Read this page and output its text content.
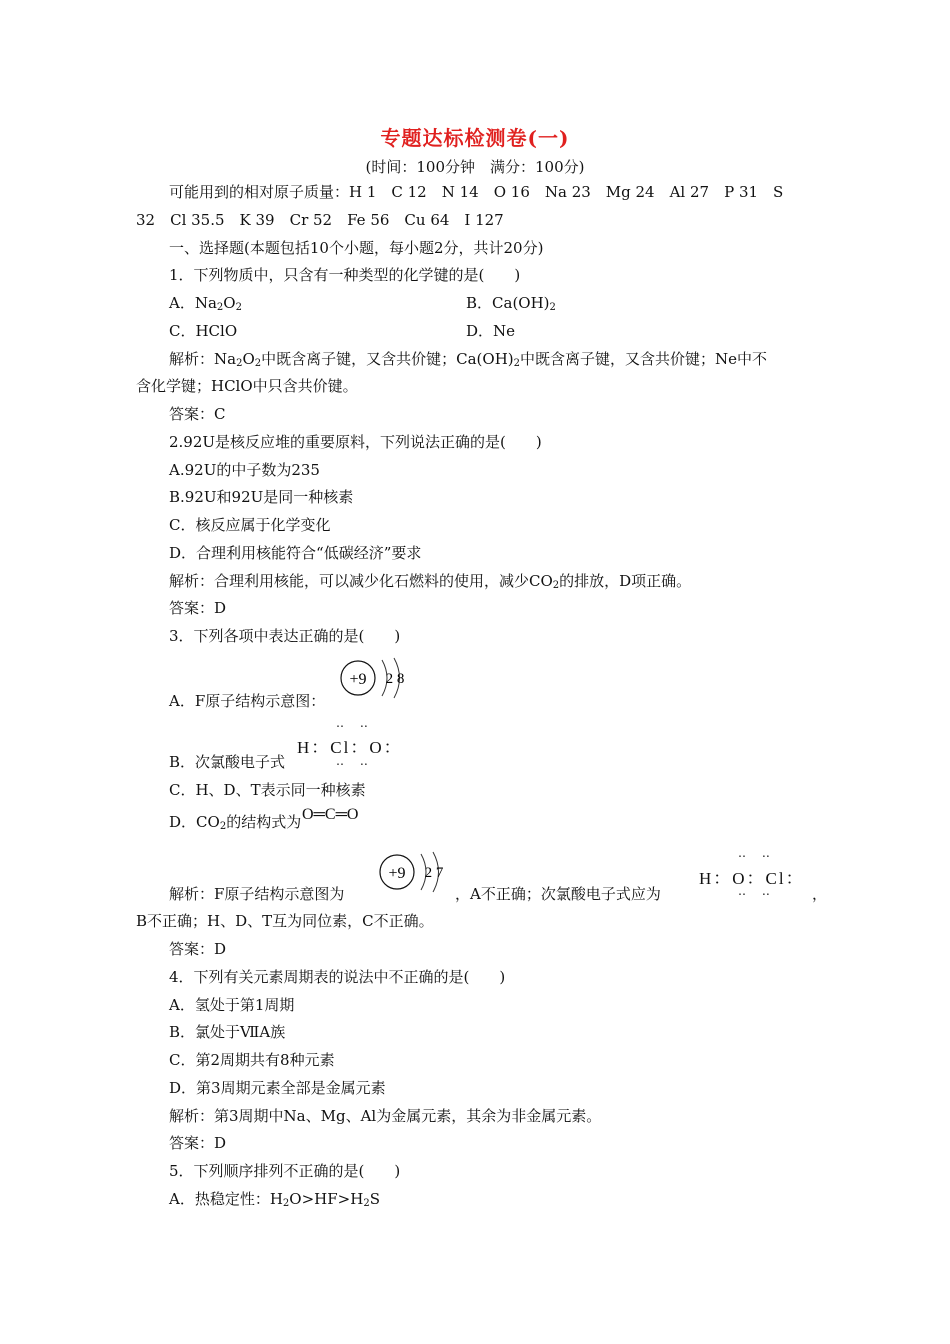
专题达标检测卷(一)
(时间：100分钟　满分：100分)
可能用到的相对原子质量：H 1　C 12　N 14　O 16　Na 23　Mg 24　Al 27　P 31　S
32　Cl 35.5　K 39　Cr 52　Fe 56　Cu 64　I 127
一、选择题(本题包括10个小题，每小题2分，共计20分)
1．下列物质中，只含有一种类型的化学键的是(　　)
A．$Na_2O_2$	B．$Ca(OH)_2$
C．HClO	D．Ne
解析：$Na_2O_2$中既含离子键，又含共价键；$Ca(OH)_2$中既含离子键，又含共价键；Ne中不
含化学键；HClO中只含共价键。
答案：C
2.92U是核反应堆的重要原料，下列说法正确的是(　　)
A.92U的中子数为235
B.92U和92U是同一种核素
C．核反应属于化学变化
D．合理利用核能符合“低碳经济”要求
解析：合理利用核能，可以减少化石燃料的使用，减少$CO_2$的排放，D项正确。
答案：D
3．下列各项中表达正确的是(　　)
A．F原子结构示意图：
+9 2 8
B．次氯酸电子式
‥ ‥
H：Cl：O：
‥ ‥
C．H、D、T表示同一种核素
D．$CO_2$的结构式为 O═C═O
解析：F原子结构示意图为
+9 2 7
，A不正确；次氯酸电子式应为
‥ ‥
H：O：Cl：
‥ ‥ ，
B不正确；H、D、T互为同位素，C不正确。
答案：D
4．下列有关元素周期表的说法中不正确的是(　　)
A．氢处于第1周期
B．氯处于ⅦA族
C．第2周期共有8种元素
D．第3周期元素全部是金属元素
解析：第3周期中Na、Mg、Al为金属元素，其余为非金属元素。
答案：D
5．下列顺序排列不正确的是(　　)
A．热稳定性：$H_2O>HF>H_2S$
